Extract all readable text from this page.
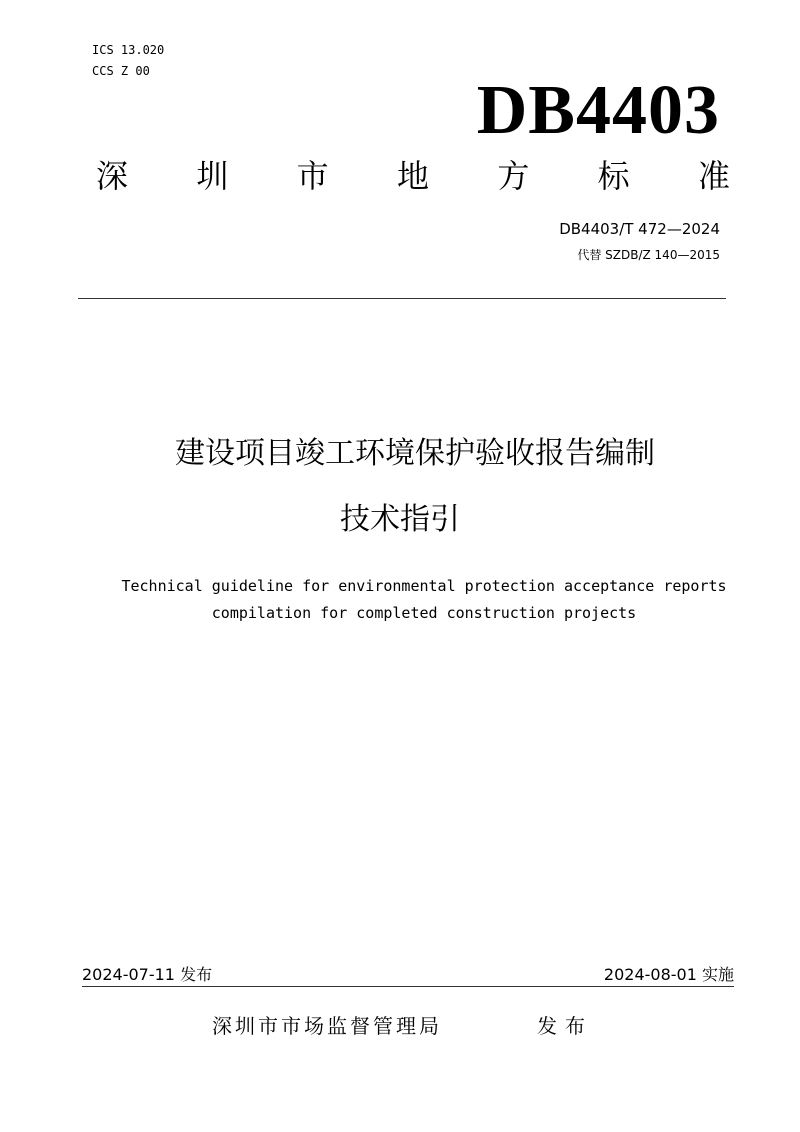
ICS 13.020
CCS Z 00
DB4403
深 圳 市 地 方 标 准
DB4403/T 472—2024
代替 SZDB/Z 140—2015
建设项目竣工环境保护验收报告编制
技术指引
Technical guideline for environmental protection acceptance reports
compilation for completed construction projects
2024-07-11 发布	2024-08-01 实施
深圳市市场监督管理局	发布
